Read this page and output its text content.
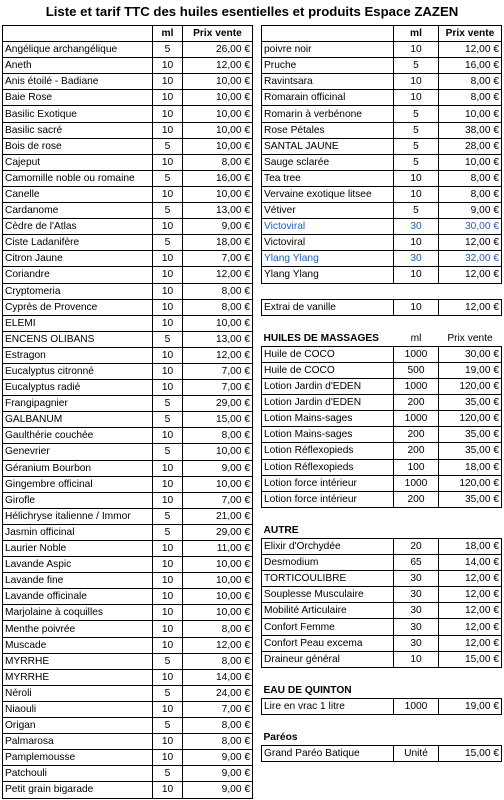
Liste et tarif TTC des huiles esentielles et produits Espace ZAZEN
	ml	Prix vente
Angélique archangélique	5	26,00 €
Aneth	10	12,00 €
Anis étoilé - Badiane	10	10,00 €
Baie Rose	10	10,00 €
Basilic Exotique	10	10,00 €
Basilic sacré	10	10,00 €
Bois de rose	5	10,00 €
Cajeput	10	8,00 €
Camomille noble ou romaine	5	16,00 €
Canelle	10	10,00 €
Cardanome	5	13,00 €
Cèdre de l'Atlas	10	9,00 €
Ciste Ladanifère	5	18,00 €
Citron Jaune	10	7,00 €
Coriandre	10	12,00 €
Cryptomeria	10	8,00 €
Cyprès de Provence	10	8,00 €
ELEMI	10	10,00 €
ENCENS OLIBANS	5	13,00 €
Estragon	10	12,00 €
Eucalyptus citronné	10	7,00 €
Eucalyptus radié	10	7,00 €
Frangipagnier	5	29,00 €
GALBANUM	5	15,00 €
Gaulthérie couchée	10	8,00 €
Genevrier	5	10,00 €
Géranium Bourbon	10	9,00 €
Gingembre officinal	10	10,00 €
Girofle	10	7,00 €
Hélichryse italienne / Immor	5	21,00 €
Jasmin officinal	5	29,00 €
Laurier Noble	10	11,00 €
Lavande Aspic	10	10,00 €
Lavande fine	10	10,00 €
Lavande officinale	10	10,00 €
Marjolaine à coquilles	10	10,00 €
Menthe poivrée	10	8,00 €
Muscade	10	12,00 €
MYRRHE	5	8,00 €
MYRRHE	10	14,00 €
Néroli	5	24,00 €
Niaouli	10	7,00 €
Origan	5	8,00 €
Palmarosa	10	8,00 €
Pamplemousse	10	9,00 €
Patchouli	5	9,00 €
Petit grain bigarade	10	9,00 €
	ml	Prix vente
poivre noir	10	12,00 €
Pruche	5	16,00 €
Ravintsara	10	8,00 €
Romarain officinal	10	8,00 €
Romarin à verbénone	5	10,00 €
Rose Pétales	5	38,00 €
SANTAL JAUNE	5	28,00 €
Sauge sclarée	5	10,00 €
Tea tree	10	8,00 €
Vervaine exotique litsee	10	8,00 €
Vétiver	5	9,00 €
Victoviral	30	30,00 €
Victoviral	10	12,00 €
Ylang Ylang	30	32,00 €
Ylang Ylang	10	12,00 €

Extrai de vanille	10	12,00 €

HUILES DE MASSAGES	ml	Prix vente
Huile de COCO	1000	30,00 €
Huile de COCO	500	19,00 €
Lotion Jardin d'EDEN	1000	120,00 €
Lotion Jardin d'EDEN	200	35,00 €
Lotion Mains-sages	1000	120,00 €
Lotion Mains-sages	200	35,00 €
Lotion Réflexopieds	200	35,00 €
Lotion Réflexopieds	100	18,00 €
Lotion force intérieur	1000	120,00 €
Lotion force intérieur	200	35,00 €

AUTRE		
Elixir d'Orchydée	20	18,00 €
Desmodium	65	14,00 €
TORTICOULIBRE	30	12,00 €
Souplesse Musculaire	30	12,00 €
Mobilité Articulaire	30	12,00 €
Confort Femme	30	12,00 €
Confort Peau excema	30	12,00 €
Draineur général	10	15,00 €

EAU DE QUINTON		
Lire en vrac 1 litre	1000	19,00 €

Paréos		
Grand Paréo Batique	Unité	15,00 €
